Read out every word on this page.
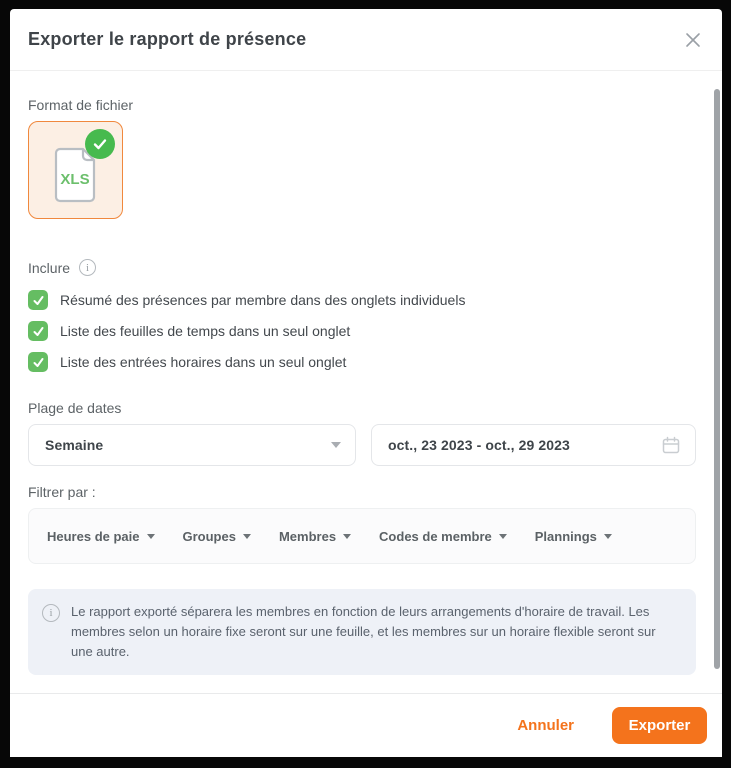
Exporter le rapport de présence
Format de fichier
XLS
Inclure	i
Résumé des présences par membre dans des onglets individuels
Liste des feuilles de temps dans un seul onglet
Liste des entrées horaires dans un seul onglet
Plage de dates
Semaine	oct., 23 2023 - oct., 29 2023
Filtrer par :
Heures de paie	Groupes	Membres	Codes de membre	Plannings
i	Le rapport exporté séparera les membres en fonction de leurs arrangements d'horaire de travail. Les membres selon un horaire fixe seront sur une feuille, et les membres sur un horaire flexible seront sur une autre.
Annuler	Exporter
